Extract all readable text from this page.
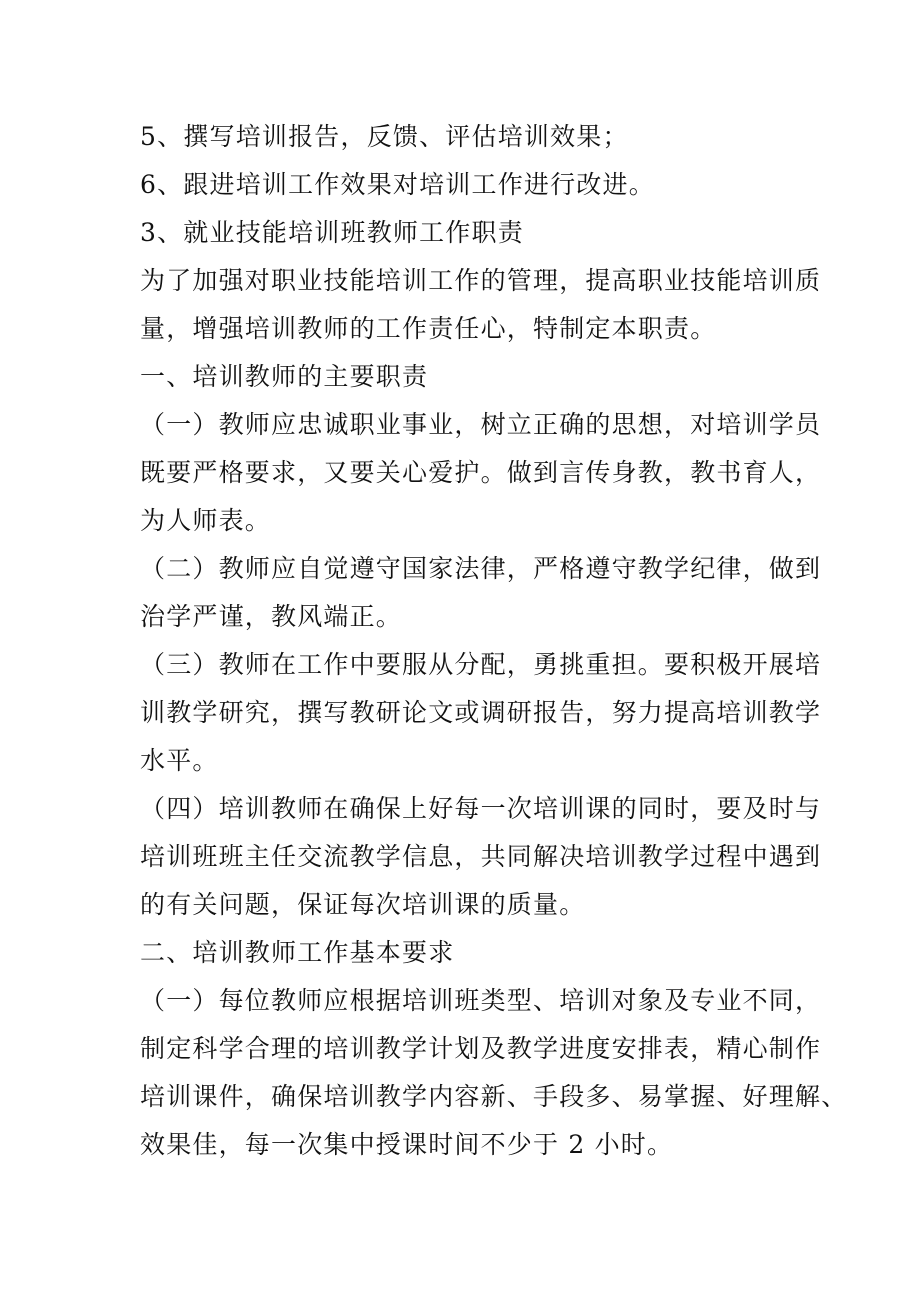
5、撰写培训报告，反馈、评估培训效果；
6、跟进培训工作效果对培训工作进行改进。
3、就业技能培训班教师工作职责
为了加强对职业技能培训工作的管理，提高职业技能培训质
量，增强培训教师的工作责任心，特制定本职责。
一、培训教师的主要职责
（一）教师应忠诚职业事业，树立正确的思想，对培训学员
既要严格要求，又要关心爱护。做到言传身教，教书育人，
为人师表。
（二）教师应自觉遵守国家法律，严格遵守教学纪律，做到
治学严谨，教风端正。
（三）教师在工作中要服从分配，勇挑重担。要积极开展培
训教学研究，撰写教研论文或调研报告，努力提高培训教学
水平。
（四）培训教师在确保上好每一次培训课的同时，要及时与
培训班班主任交流教学信息，共同解决培训教学过程中遇到
的有关问题，保证每次培训课的质量。
二、培训教师工作基本要求
（一）每位教师应根据培训班类型、培训对象及专业不同，
制定科学合理的培训教学计划及教学进度安排表，精心制作
培训课件，确保培训教学内容新、手段多、易掌握、好理解、
效果佳，每一次集中授课时间不少于 2 小时。
